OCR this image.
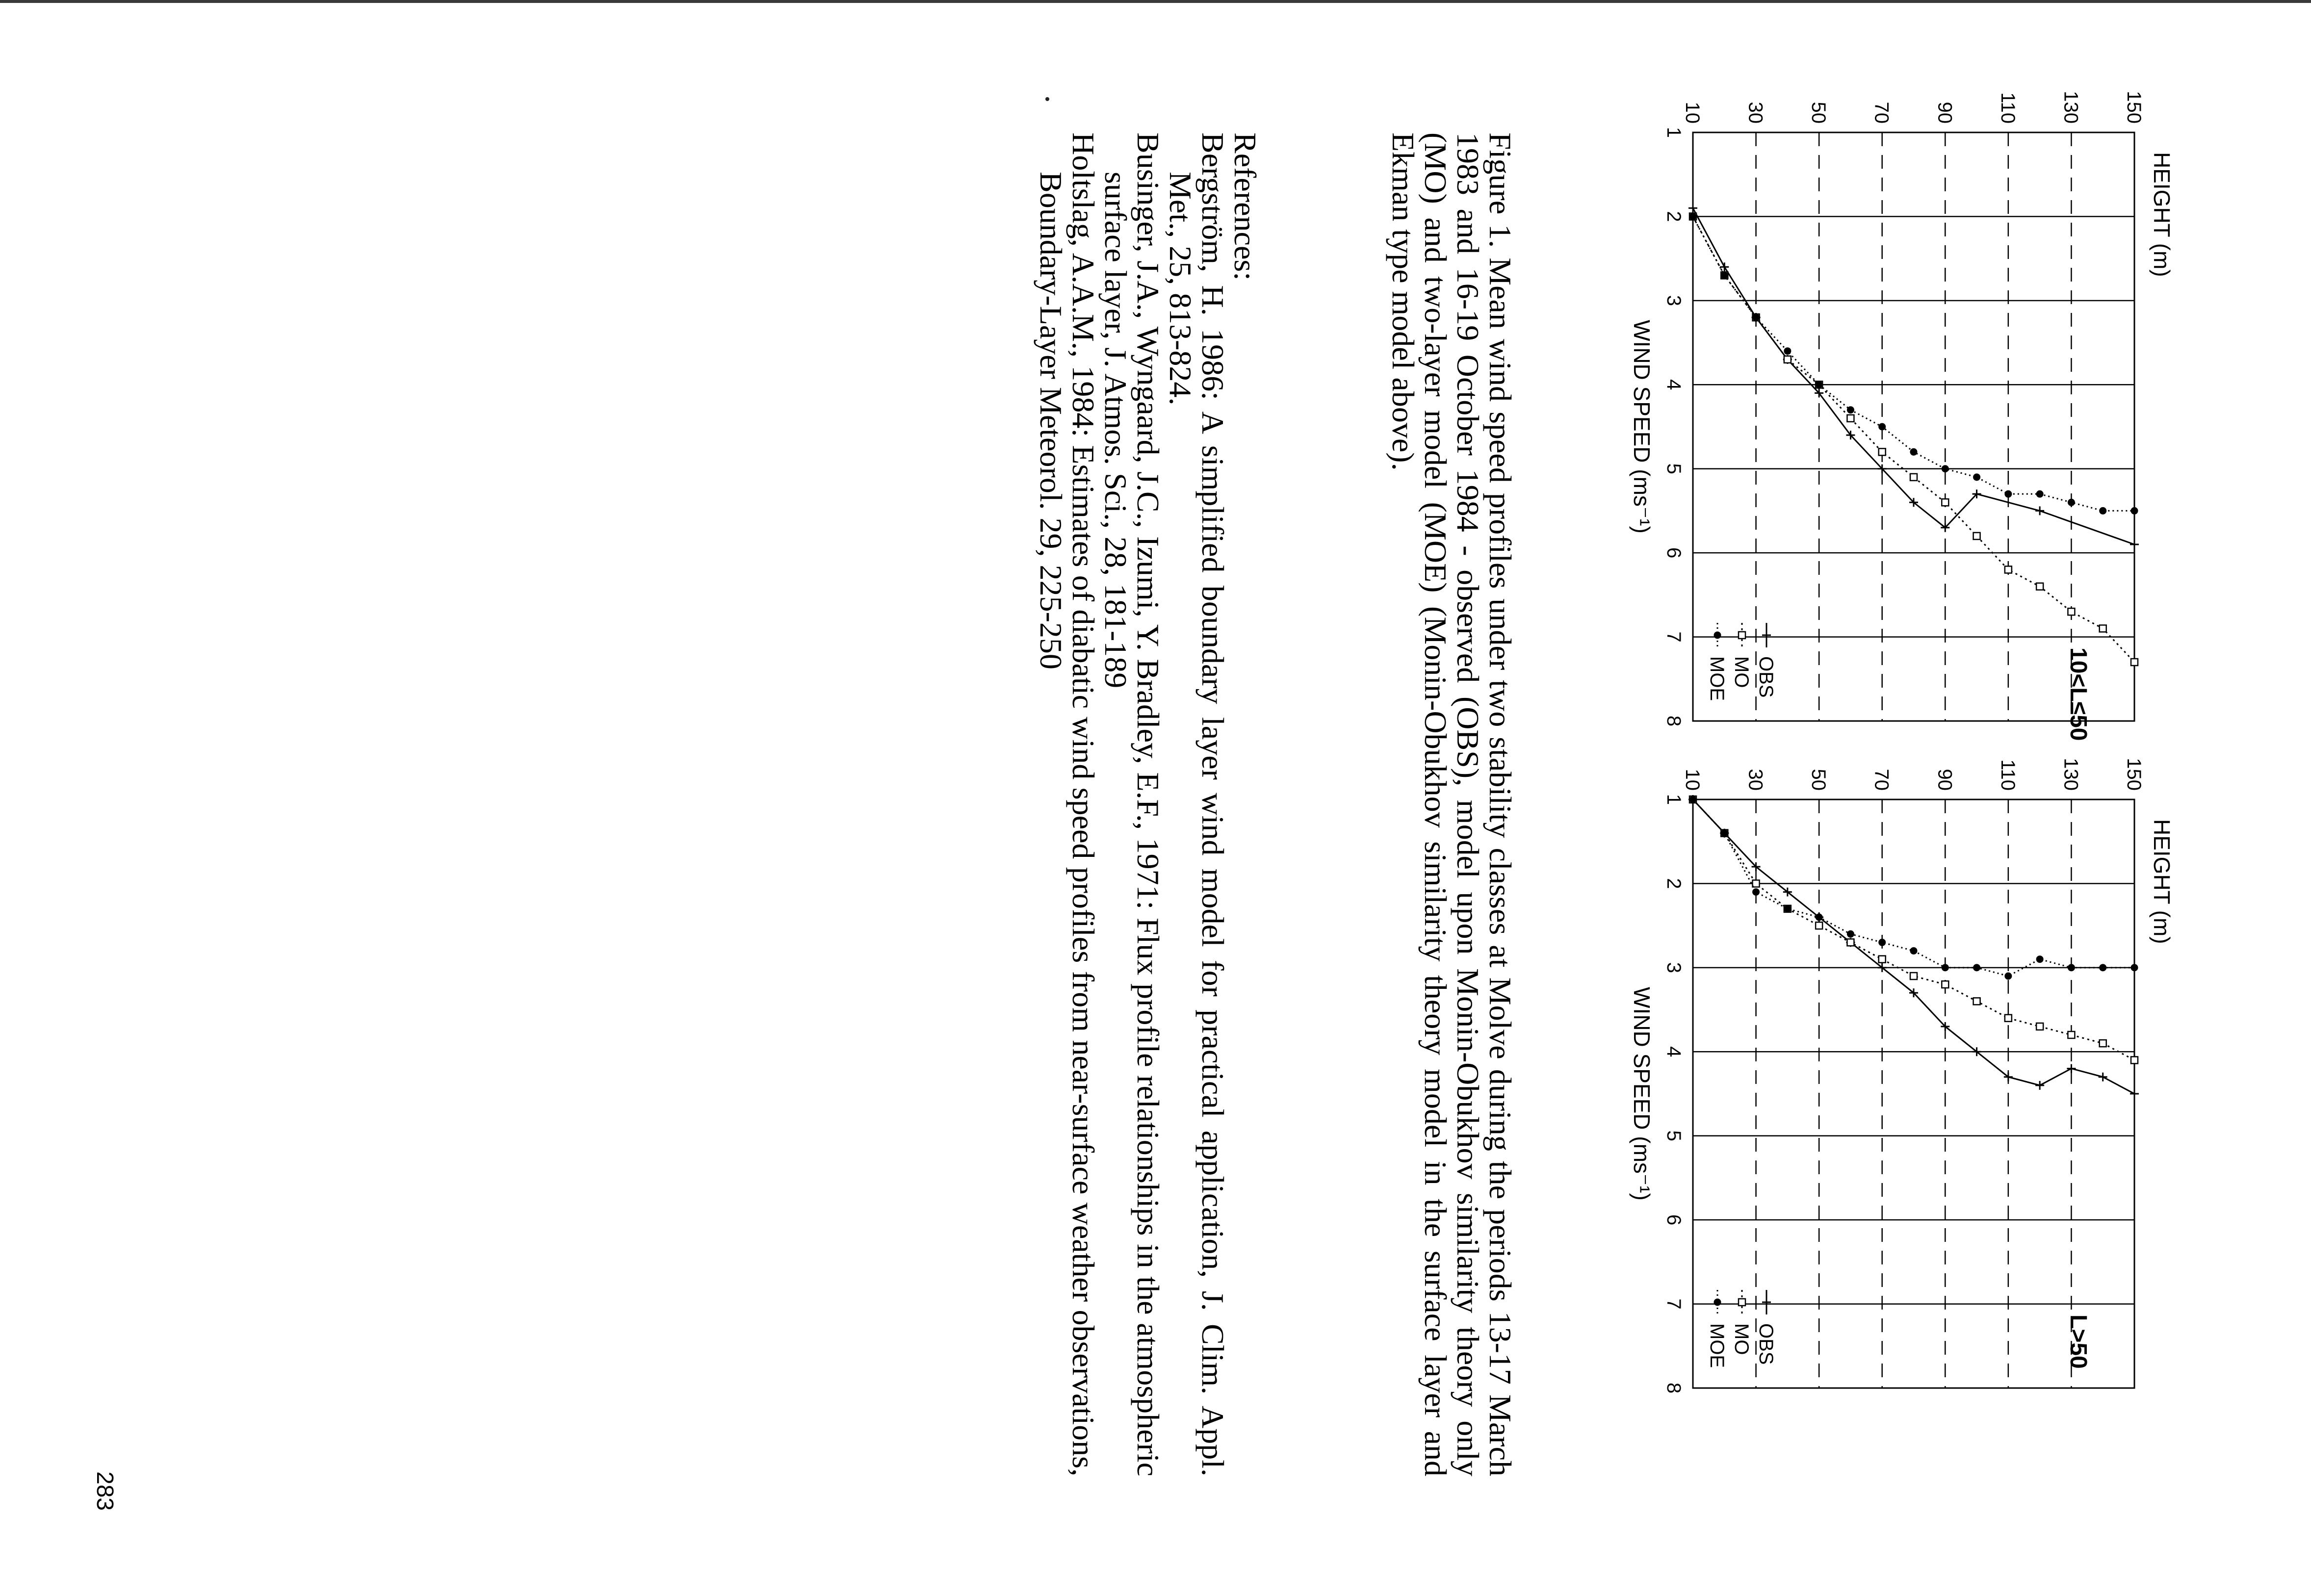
HEIGHT (m)
1
2
3
4
5
6
7
8
10 30 50 70 90 110 130 150
10<L≤50
OBS
MO
MOE
WIND SPEED (ms⁻¹)
HEIGHT (m)
1
2
3
4
5
6
7
8
10 30 50 70 90 110 130 150
L>50
OBS
MO
MOE
WIND SPEED (ms⁻¹)
Figure 1. Mean wind speed profiles under two stability classes at Molve during the periods 13-17 March 1983 and 16-19 October 1984 - observed (OBS), model upon Monin-Obukhov similarity theory only (MO) and two-layer model (MOE) (Monin-Obukhov similarity theory model in the surface layer and Ekman type model above).

References:

Bergström, H. 1986: A simplified boundary layer wind model for practical application, J. Clim. Appl. Met., 25, 813-824.

Businger, J.A., Wyngaard, J.C., Izumi, Y. Bradley, E.F., 1971: Flux profile relationships in the atmospheric surface layer, J. Atmos. Sci., 28, 181-189

Holtslag, A.A.M., 1984: Estimates of diabatic wind speed profiles from near-surface weather observations, Boundary-Layer Meteorol. 29, 225-250

283
